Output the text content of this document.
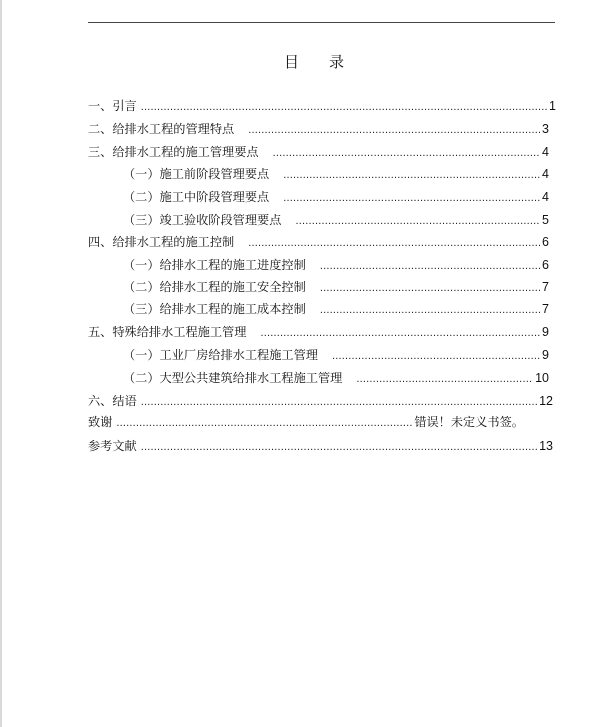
目 录
一、引言 .....	1
二、给排水工程的管理特点 .....	3
三、给排水工程的施工管理要点 .....	4
（一）施工前阶段管理要点 .....	4
（二）施工中阶段管理要点 .....	4
（三）竣工验收阶段管理要点 .....	5
四、给排水工程的施工控制 .....	6
（一）给排水工程的施工进度控制 .....	6
（二）给排水工程的施工安全控制 .....	7
（三）给排水工程的施工成本控制 .....	7
五、特殊给排水工程施工管理 .....	9
（一）工业厂房给排水工程施工管理 .....	9
（二）大型公共建筑给排水工程施工管理 .....	10
六、结语 .....	12
致谢 .....	错误！未定义书签。
参考文献 .....	13
